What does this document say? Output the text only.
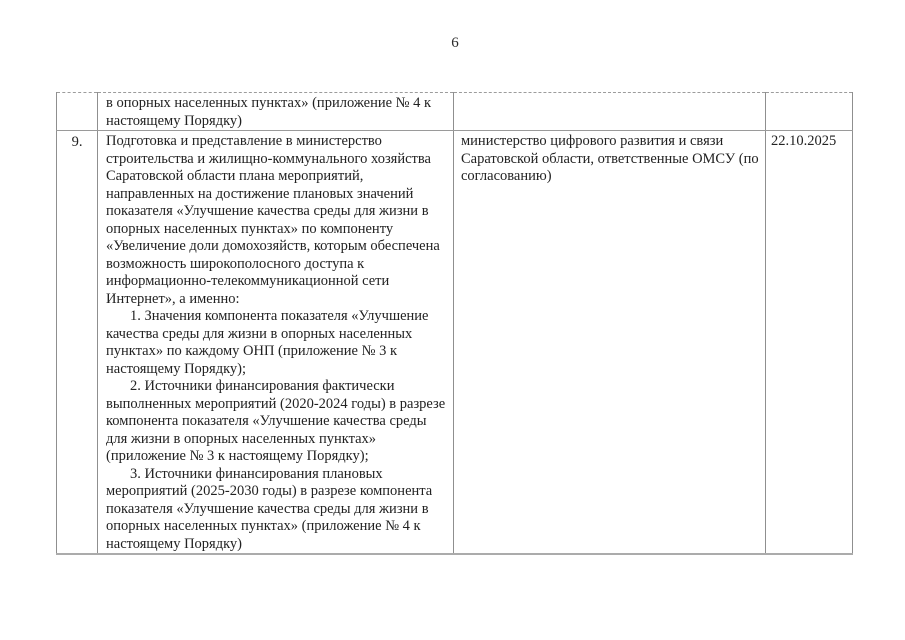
6

	в опорных населенных пунктах» (приложение № 4 к настоящему Порядку)		

9.	Подготовка и представление в министерство строительства и жилищно-коммунального хозяйства Саратовской области плана мероприятий, направленных на достижение плановых значений показателя «Улучшение качества среды для жизни в опорных населенных пунктах» по компоненту «Увеличение доли домохозяйств, которым обеспечена возможность широкополосного доступа к информационно-телекоммуникационной сети Интернет», а именно:

1. Значения компонента показателя «Улучшение качества среды для жизни в опорных населенных пунктах» по каждому ОНП (приложение № 3 к настоящему Порядку);

2. Источники финансирования фактически выполненных мероприятий (2020-2024 годы) в разрезе компонента показателя «Улучшение качества среды для жизни в опорных населенных пунктах» (приложение № 3 к настоящему Порядку);

3. Источники финансирования плановых мероприятий (2025-2030 годы) в разрезе компонента показателя «Улучшение качества среды для жизни в опорных населенных пунктах» (приложение № 4 к настоящему Порядку)	министерство цифрового развития и связи Саратовской области, ответственные ОМСУ (по согласованию)	22.10.2025
